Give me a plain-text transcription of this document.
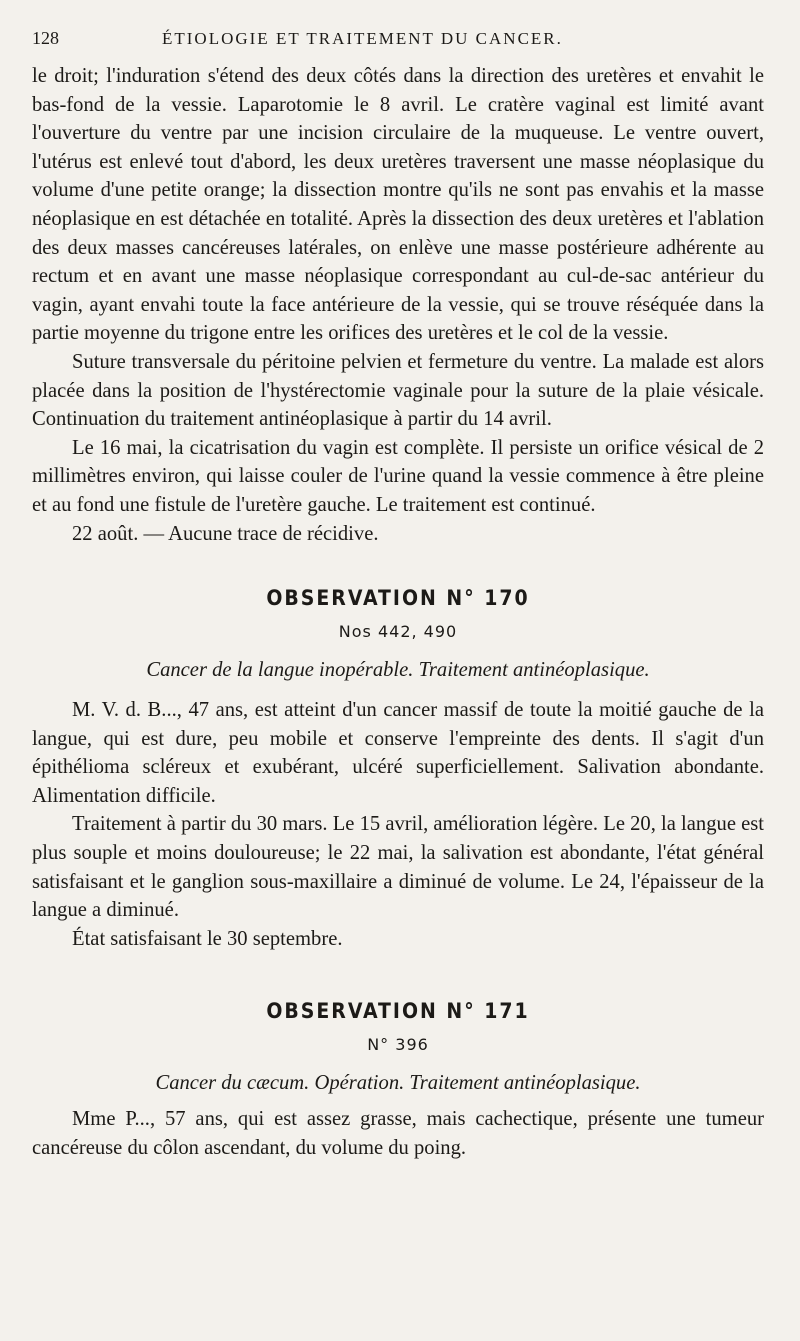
128	ÉTIOLOGIE ET TRAITEMENT DU CANCER.

le droit; l'induration s'étend des deux côtés dans la direction des uretères et envahit le bas-fond de la vessie. Laparotomie le 8 avril. Le cratère vaginal est limité avant l'ouverture du ventre par une incision circulaire de la muqueuse. Le ventre ouvert, l'utérus est enlevé tout d'abord, les deux uretères traversent une masse néoplasique du volume d'une petite orange; la dissection montre qu'ils ne sont pas envahis et la masse néoplasique en est détachée en totalité. Après la dissection des deux uretères et l'ablation des deux masses cancéreuses latérales, on enlève une masse postérieure adhérente au rectum et en avant une masse néoplasique correspondant au cul-de-sac antérieur du vagin, ayant envahi toute la face antérieure de la vessie, qui se trouve réséquée dans la partie moyenne du trigone entre les orifices des uretères et le col de la vessie.

Suture transversale du péritoine pelvien et fermeture du ventre. La malade est alors placée dans la position de l'hystérectomie vaginale pour la suture de la plaie vésicale. Continuation du traitement antinéoplasique à partir du 14 avril.

Le 16 mai, la cicatrisation du vagin est complète. Il persiste un orifice vésical de 2 millimètres environ, qui laisse couler de l'urine quand la vessie commence à être pleine et au fond une fistule de l'uretère gauche. Le traitement est continué.

22 août. — Aucune trace de récidive.

OBSERVATION N° 170
Nos 442, 490
Cancer de la langue inopérable. Traitement antinéoplasique.

M. V. d. B..., 47 ans, est atteint d'un cancer massif de toute la moitié gauche de la langue, qui est dure, peu mobile et conserve l'empreinte des dents. Il s'agit d'un épithélioma scléreux et exubérant, ulcéré superficiellement. Salivation abondante. Alimentation difficile.

Traitement à partir du 30 mars. Le 15 avril, amélioration légère. Le 20, la langue est plus souple et moins douloureuse; le 22 mai, la salivation est abondante, l'état général satisfaisant et le ganglion sous-maxillaire a diminué de volume. Le 24, l'épaisseur de la langue a diminué.

État satisfaisant le 30 septembre.

OBSERVATION N° 171
N° 396
Cancer du cæcum. Opération. Traitement antinéoplasique.

Mme P..., 57 ans, qui est assez grasse, mais cachectique, présente une tumeur cancéreuse du côlon ascendant, du volume du poing.
